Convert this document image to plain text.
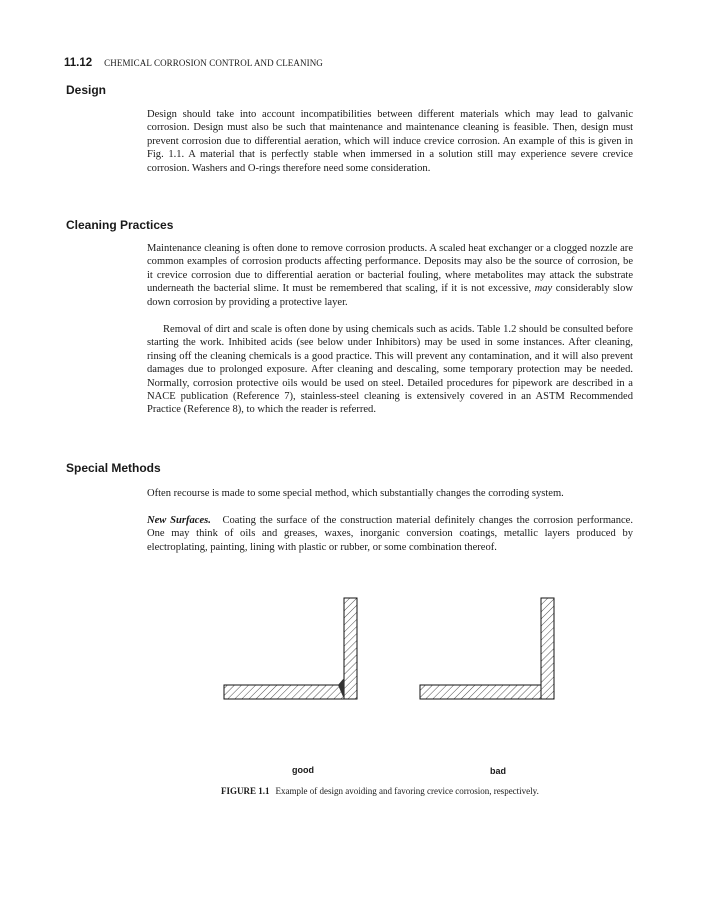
11.12 CHEMICAL CORROSION CONTROL AND CLEANING
Design

Design should take into account incompatibilities between different materials which may lead to galvanic corrosion. Design must also be such that maintenance and maintenance cleaning is feasible. Then, design must prevent corrosion due to differential aeration, which will induce crevice corrosion. An example of this is given in Fig. 1.1. A material that is perfectly stable when immersed in a solution still may experience severe crevice corrosion. Washers and O-rings therefore need some consideration.

Cleaning Practices

Maintenance cleaning is often done to remove corrosion products. A scaled heat exchanger or a clogged nozzle are common examples of corrosion products affecting performance. Deposits may also be the source of corrosion, be it crevice corrosion due to differential aeration or bacterial fouling, where metabolites may attack the substrate underneath the bacterial slime. It must be remembered that scaling, if it is not excessive, may considerably slow down corrosion by providing a protective layer.

Removal of dirt and scale is often done by using chemicals such as acids. Table 1.2 should be consulted before starting the work. Inhibited acids (see below under Inhibitors) may be used in some instances. After cleaning, rinsing off the cleaning chemicals is a good practice. This will prevent any contamination, and it will also prevent damages due to prolonged exposure. After cleaning and descaling, some temporary protection may be needed. Normally, corrosion protective oils would be used on steel. Detailed procedures for pipework are described in a NACE publication (Reference 7), stainless-steel cleaning is extensively covered in an ASTM Recommended Practice (Reference 8), to which the reader is referred.

Special Methods

Often recourse is made to some special method, which substantially changes the corroding system.

New Surfaces. Coating the surface of the construction material definitely changes the corrosion performance. One may think of oils and greases, waxes, inorganic conversion coatings, metallic layers produced by electroplating, painting, lining with plastic or rubber, or some combination thereof.

good	bad
FIGURE 1.1 Example of design avoiding and favoring crevice corrosion, respectively.
